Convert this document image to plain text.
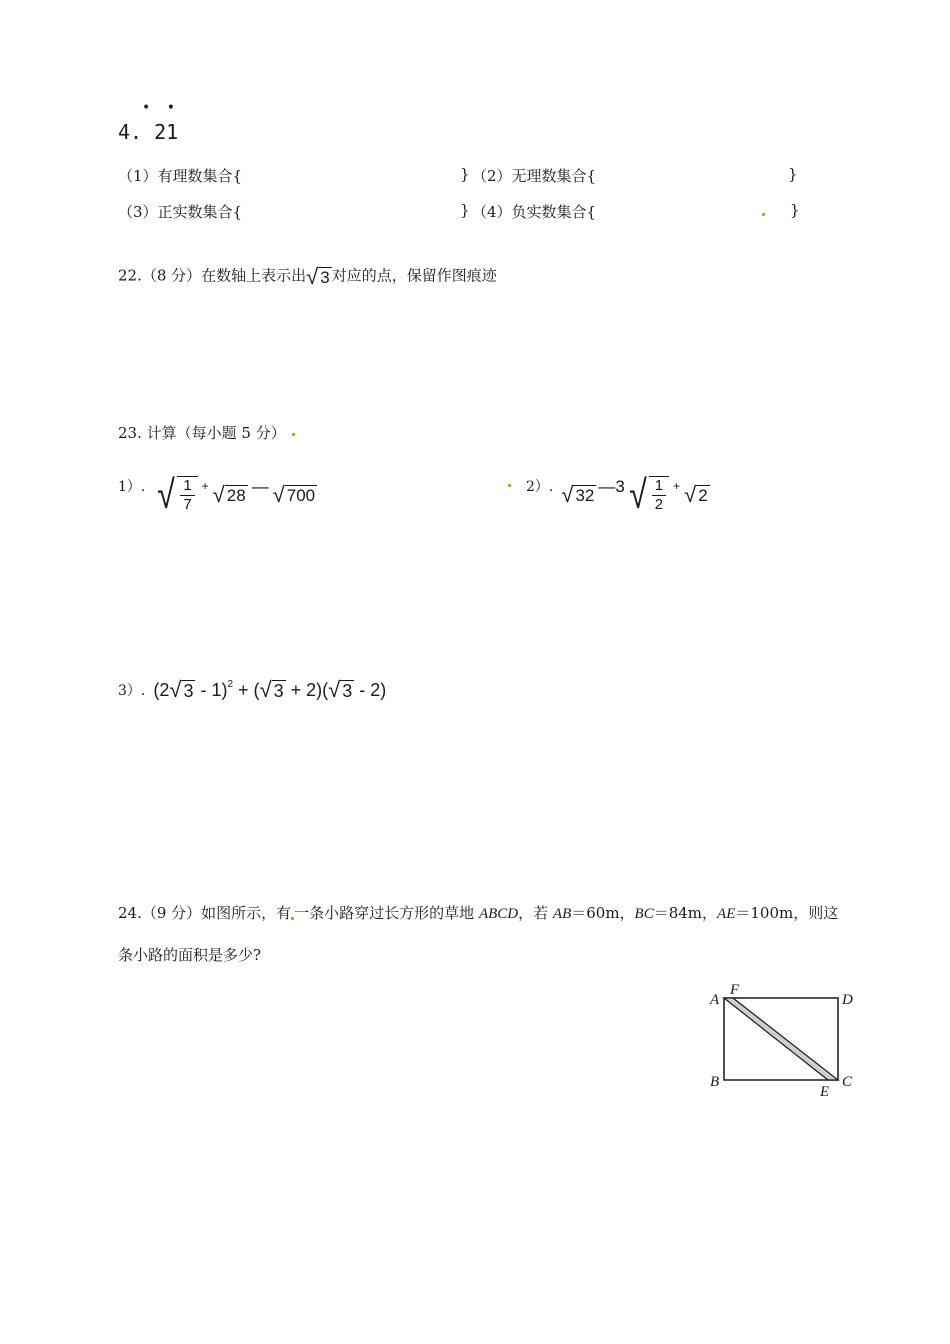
• •
4. 21
（1）有理数集合{	} （2）无理数集合{	}
（3）正实数集合{	} （4）负实数集合{	}
22.（8 分）在数轴上表示出√ 3 对应的点，保留作图痕迹
23. 计算（每小题 5 分）
1）. √ $\frac{1}{7}$ + √ 28 — √ 700	2）. √ 32 —3 √ $\frac{1}{2}$ + √ 2
3）. (2 √ 3 - 1) 2 + ( √ 3 + 2)( √ 3 - 2)
24.（9 分）如图所示，有 一条小路穿过长方形的草地 ABCD，若 AB＝60m，BC＝84m，AE＝100m，则这
条小路的面积是多少?
A
F
D
B
E
C
